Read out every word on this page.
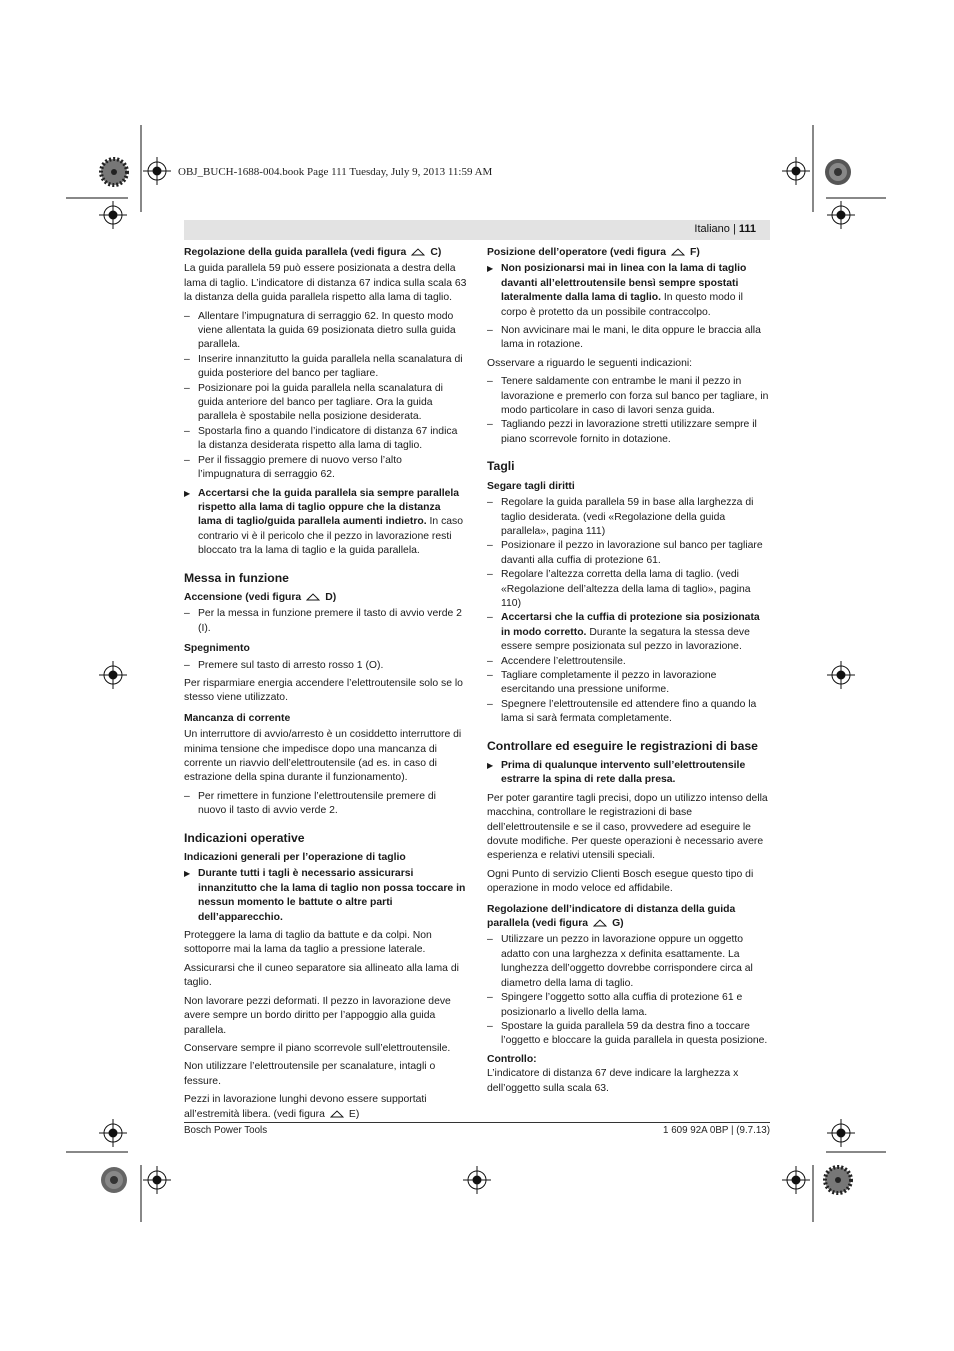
OBJ_BUCH-1688-004.book Page 111 Tuesday, July 9, 2013 11:59 AM
Italiano | 111
Regolazione della guida parallela (vedi figura C)

La guida parallela 59 può essere posizionata a destra della lama di taglio. L’indicatore di distanza 67 indica sulla scala 63 la distanza della guida parallela rispetto alla lama di taglio.

– Allentare l’impugnatura di serraggio 62. In questo modo viene allentata la guida 69 posizionata dietro sulla guida parallela.
– Inserire innanzitutto la guida parallela nella scanalatura di guida posteriore del banco per tagliare.
– Posizionare poi la guida parallela nella scanalatura di guida anteriore del banco per tagliare. Ora la guida parallela è spostabile nella posizione desiderata.
– Spostarla fino a quando l’indicatore di distanza 67 indica la distanza desiderata rispetto alla lama di taglio.
– Per il fissaggio premere di nuovo verso l’alto l’impugnatura di serraggio 62.
▶ Accertarsi che la guida parallela sia sempre parallela rispetto alla lama di taglio oppure che la distanza lama di taglio/guida parallela aumenti indietro. In caso contrario vi è il pericolo che il pezzo in lavorazione resti bloccato tra la lama di taglio e la guida parallela.
Messa in funzione
Accensione (vedi figura D)
– Per la messa in funzione premere il tasto di avvio verde 2 (I).
Spegnimento
– Premere sul tasto di arresto rosso 1 (O).

Per risparmiare energia accendere l’elettroutensile solo se lo stesso viene utilizzato.

Mancanza di corrente

Un interruttore di avvio/arresto è un cosiddetto interruttore di minima tensione che impedisce dopo una mancanza di corrente un riavvio dell’elettroutensile (ad es. in caso di estrazione della spina durante il funzionamento).

– Per rimettere in funzione l’elettroutensile premere di nuovo il tasto di avvio verde 2.
Indicazioni operative
Indicazioni generali per l’operazione di taglio
▶ Durante tutti i tagli è necessario assicurarsi innanzitutto che la lama di taglio non possa toccare in nessun momento le battute o altre parti dell’apparecchio.

Proteggere la lama di taglio da battute e da colpi. Non sottoporre mai la lama da taglio a pressione laterale.

Assicurarsi che il cuneo separatore sia allineato alla lama di taglio.

Non lavorare pezzi deformati. Il pezzo in lavorazione deve avere sempre un bordo diritto per l’appoggio alla guida parallela.

Conservare sempre il piano scorrevole sull’elettroutensile.

Non utilizzare l’elettroutensile per scanalature, intagli o fessure.

Pezzi in lavorazione lunghi devono essere supportati all’estremità libera. (vedi figura E)

Posizione dell’operatore (vedi figura F)
▶ Non posizionarsi mai in linea con la lama di taglio davanti all’elettroutensile bensì sempre spostati lateralmente dalla lama di taglio. In questo modo il corpo è protetto da un possibile contraccolpo.
– Non avvicinare mai le mani, le dita oppure le braccia alla lama in rotazione.

Osservare a riguardo le seguenti indicazioni:

– Tenere saldamente con entrambe le mani il pezzo in lavorazione e premerlo con forza sul banco per tagliare, in modo particolare in caso di lavori senza guida.
– Tagliando pezzi in lavorazione stretti utilizzare sempre il piano scorrevole fornito in dotazione.
Tagli
Segare tagli diritti
– Regolare la guida parallela 59 in base alla larghezza di taglio desiderata. (vedi «Regolazione della guida parallela», pagina 111)
– Posizionare il pezzo in lavorazione sul banco per tagliare davanti alla cuffia di protezione 61.
– Regolare l’altezza corretta della lama di taglio. (vedi «Regolazione dell’altezza della lama di taglio», pagina 110)
– Accertarsi che la cuffia di protezione sia posizionata in modo corretto. Durante la segatura la stessa deve essere sempre posizionata sul pezzo in lavorazione.
– Accendere l’elettroutensile.
– Tagliare completamente il pezzo in lavorazione esercitando una pressione uniforme.
– Spegnere l’elettroutensile ed attendere fino a quando la lama si sarà fermata completamente.
Controllare ed eseguire le registrazioni di base
▶ Prima di qualunque intervento sull’elettroutensile estrarre la spina di rete dalla presa.

Per poter garantire tagli precisi, dopo un utilizzo intenso della macchina, controllare le registrazioni di base dell’elettroutensile e se il caso, provvedere ad eseguire le dovute modifiche. Per queste operazioni è necessario avere esperienza e relativi utensili speciali.

Ogni Punto di servizio Clienti Bosch esegue questo tipo di operazione in modo veloce ed affidabile.

Regolazione dell’indicatore di distanza della guida parallela (vedi figura G)
– Utilizzare un pezzo in lavorazione oppure un oggetto adatto con una larghezza x definita esattamente. La lunghezza dell’oggetto dovrebbe corrispondere circa al diametro della lama di taglio.
– Spingere l’oggetto sotto alla cuffia di protezione 61 e posizionarlo a livello della lama.
– Spostare la guida parallela 59 da destra fino a toccare l’oggetto e bloccare la guida parallela in questa posizione.
Controllo:

L’indicatore di distanza 67 deve indicare la larghezza x dell’oggetto sulla scala 63.

Bosch Power Tools	1 609 92A 0BP | (9.7.13)
